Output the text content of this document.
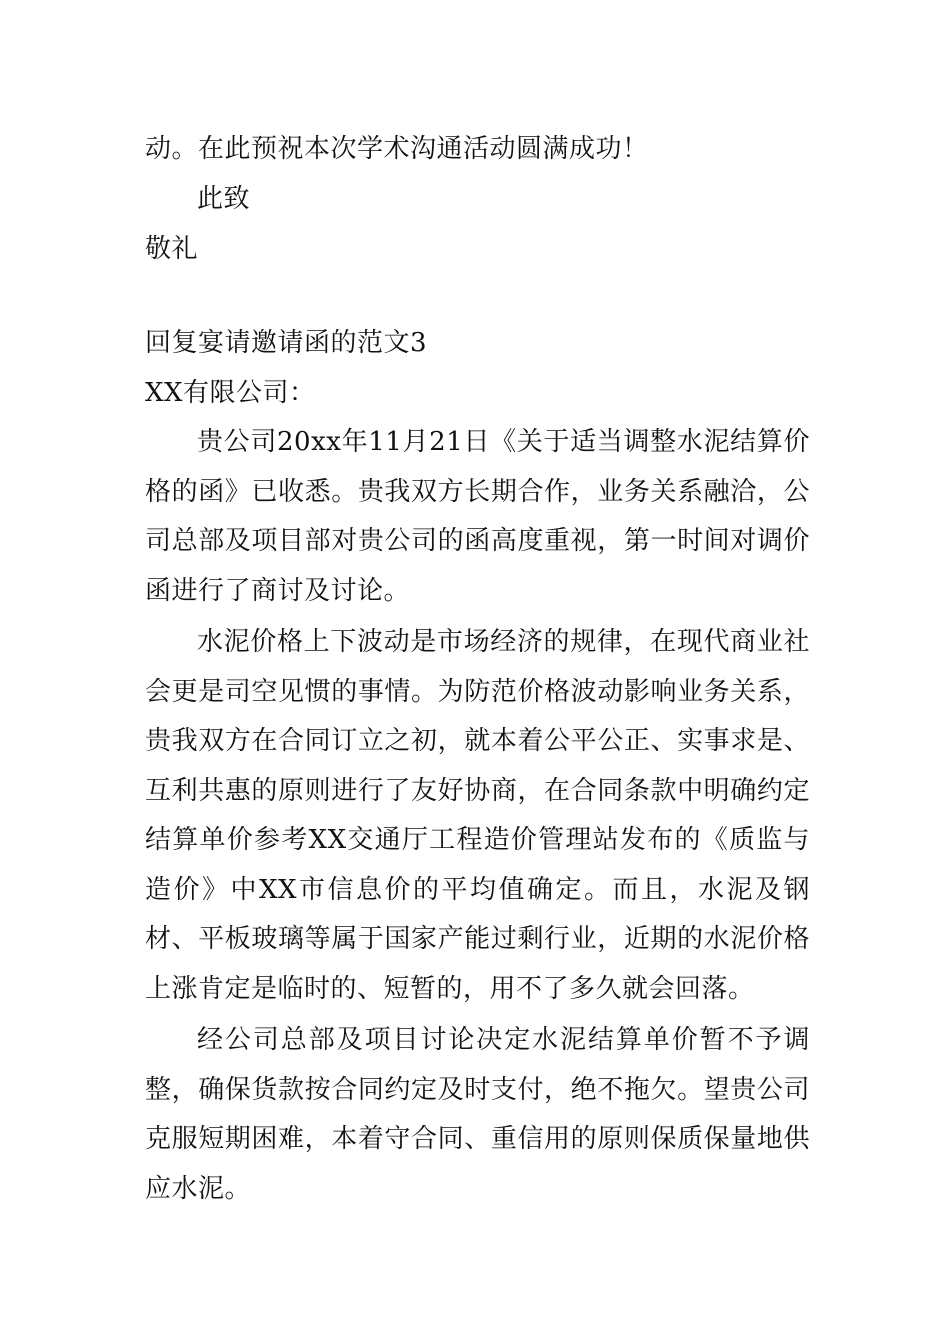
动。在此预祝本次学术沟通活动圆满成功！
此致
敬礼
回复宴请邀请函的范文3
XX有限公司：

贵公司20xx年11月21日《关于适当调整水泥结算价格的函》已收悉。贵我双方长期合作，业务关系融洽，公司总部及项目部对贵公司的函高度重视，第一时间对调价函进行了商讨及讨论。

水泥价格上下波动是市场经济的规律，在现代商业社会更是司空见惯的事情。为防范价格波动影响业务关系，贵我双方在合同订立之初，就本着公平公正、实事求是、互利共惠的原则进行了友好协商，在合同条款中明确约定结算单价参考XX交通厅工程造价管理站发布的《质监与造价》中XX市信息价的平均值确定。而且，水泥及钢材、平板玻璃等属于国家产能过剩行业，近期的水泥价格上涨肯定是临时的、短暂的，用不了多久就会回落。

经公司总部及项目讨论决定水泥结算单价暂不予调整，确保货款按合同约定及时支付，绝不拖欠。望贵公司克服短期困难，本着守合同、重信用的原则保质保量地供应水泥。
